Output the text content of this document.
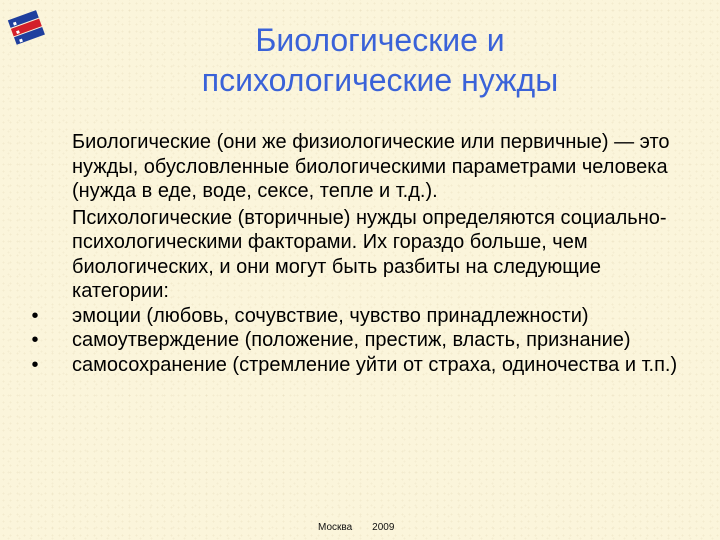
Биологические и
психологические нужды

Биологические (они же физиологические или первичные) — это нужды, обусловленные биологическими параметрами человека (нужда в еде, воде, сексе, тепле и т.д.).

Психологические (вторичные) нужды определяются социально-психологическими факторами. Их гораздо больше, чем биологических, и они могут быть разбиты на следующие категории:

•	эмоции (любовь, сочувствие, чувство принадлежности)
•	самоутверждение (положение, престиж, власть, признание)
•	самосохранение (стремление уйти от страха, одиночества и т.п.)
Москва 2009
